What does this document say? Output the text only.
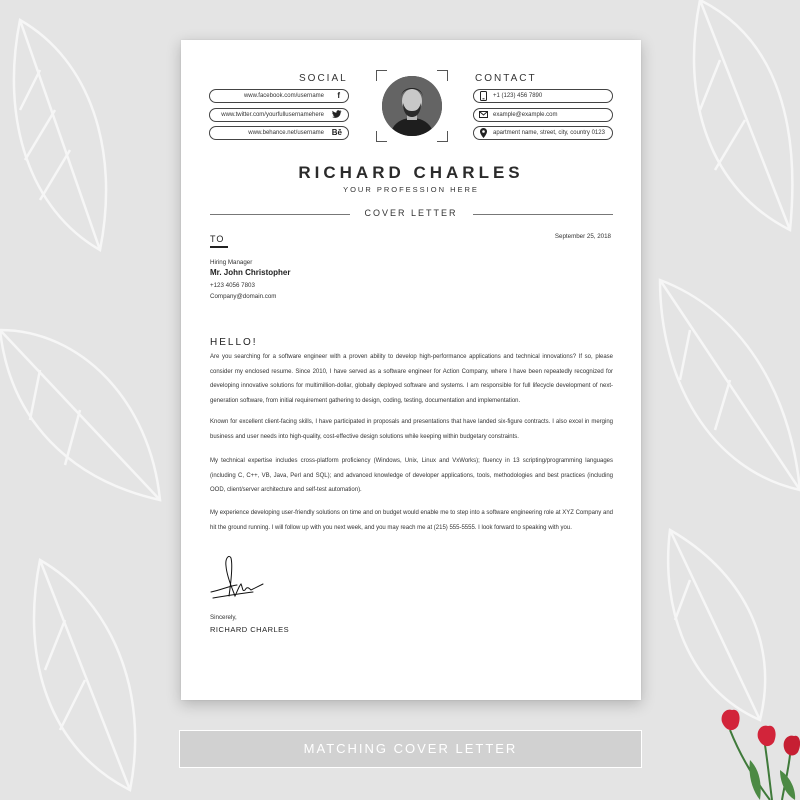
SOCIAL
www.facebook.com/username f
www.twitter.com/yourfullusernamehere
www.behance.net/username Bē
CONTACT
+1 (123) 456 7890
example@example.com
apartment name, street, city, country 0123
RICHARD CHARLES
YOUR PROFESSION HERE
COVER LETTER
TO	September 25, 2018
Hiring Manager
Mr. John Christopher
+123 4056 7803
Company@domain.com
HELLO!
Are you searching for a software engineer with a proven ability to develop high-performance applications and technical innovations? If so, please consider my enclosed resume. Since 2010, I have served as a software engineer for Action Company, where I have been repeatedly recognized for developing innovative solutions for multimillion-dollar, globally deployed software and systems. I am responsible for full lifecycle development of next-generation software, from initial requirement gathering to design, coding, testing, documentation and implementation.
Known for excellent client-facing skills, I have participated in proposals and presentations that have landed six-figure contracts. I also excel in merging business and user needs into high-quality, cost-effective design solutions while keeping within budgetary constraints.
My technical expertise includes cross-platform proficiency (Windows, Unix, Linux and VxWorks); fluency in 13 scripting/programming languages (including C, C++, VB, Java, Perl and SQL); and advanced knowledge of developer applications, tools, methodologies and best practices (including OOD, client/server architecture and self-test automation).
My experience developing user-friendly solutions on time and on budget would enable me to step into a software engineering role at XYZ Company and hit the ground running. I will follow up with you next week, and you may reach me at (215) 555-5555. I look forward to speaking with you.
Sincerely,
RICHARD CHARLES
MATCHING COVER LETTER
